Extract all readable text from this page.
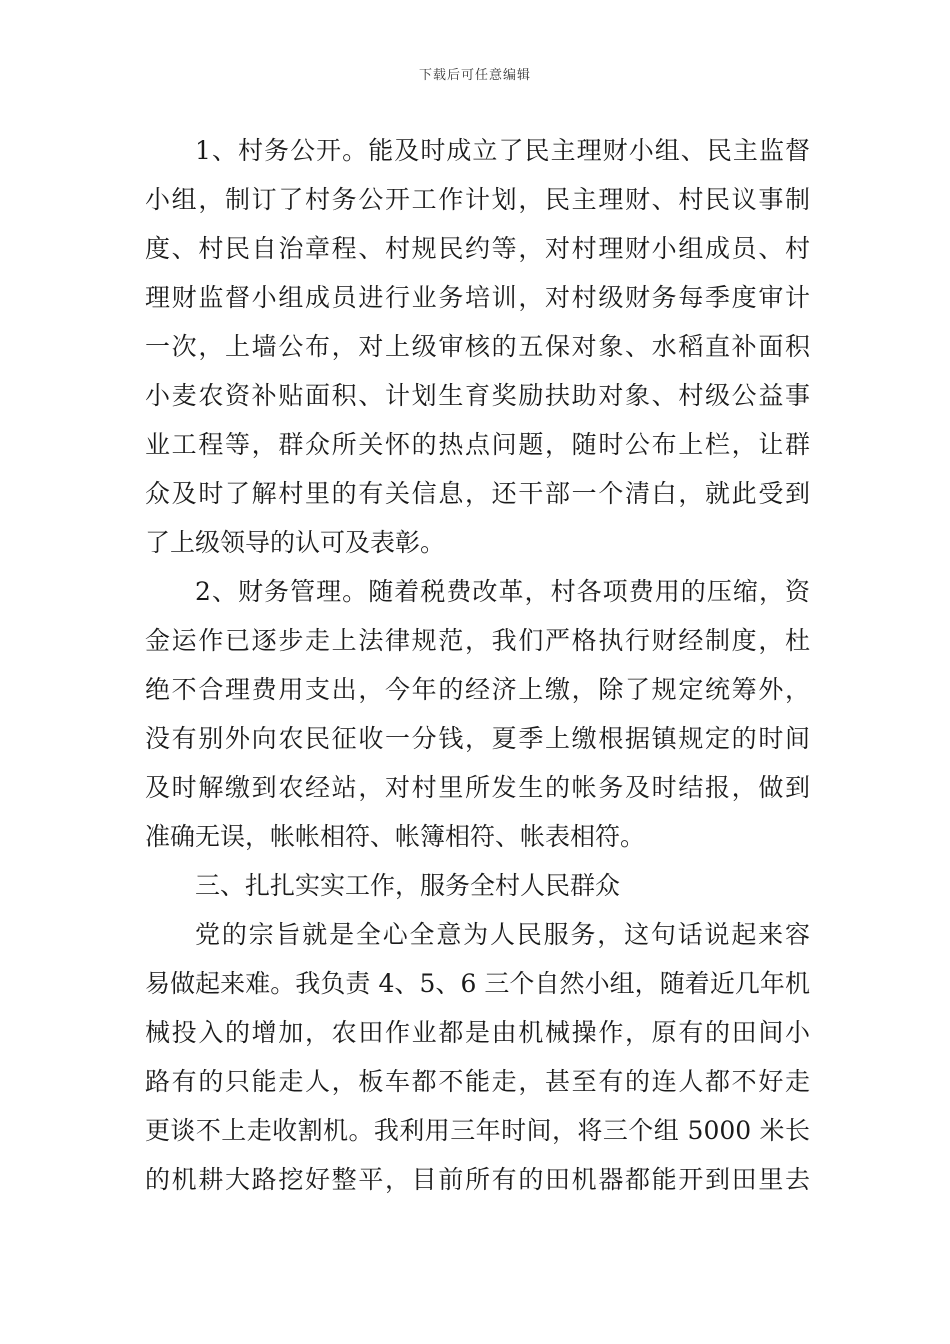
下载后可任意编辑
1、村务公开。能及时成立了民主理财小组、民主监督
小组，制订了村务公开工作计划，民主理财、村民议事制
度、村民自治章程、村规民约等，对村理财小组成员、村
理财监督小组成员进行业务培训，对村级财务每季度审计
一次，上墙公布，对上级审核的五保对象、水稻直补面积
小麦农资补贴面积、计划生育奖励扶助对象、村级公益事
业工程等，群众所关怀的热点问题，随时公布上栏，让群
众及时了解村里的有关信息，还干部一个清白，就此受到
了上级领导的认可及表彰。
2、财务管理。随着税费改革，村各项费用的压缩，资
金运作已逐步走上法律规范，我们严格执行财经制度，杜
绝不合理费用支出，今年的经济上缴，除了规定统筹外，
没有别外向农民征收一分钱，夏季上缴根据镇规定的时间
及时解缴到农经站，对村里所发生的帐务及时结报，做到
准确无误，帐帐相符、帐簿相符、帐表相符。
三、扎扎实实工作，服务全村人民群众
党的宗旨就是全心全意为人民服务，这句话说起来容
易做起来难。我负责 4、5、6 三个自然小组，随着近几年机
械投入的增加，农田作业都是由机械操作，原有的田间小
路有的只能走人，板车都不能走，甚至有的连人都不好走
更谈不上走收割机。我利用三年时间，将三个组 5000 米长
的机耕大路挖好整平，目前所有的田机器都能开到田里去
